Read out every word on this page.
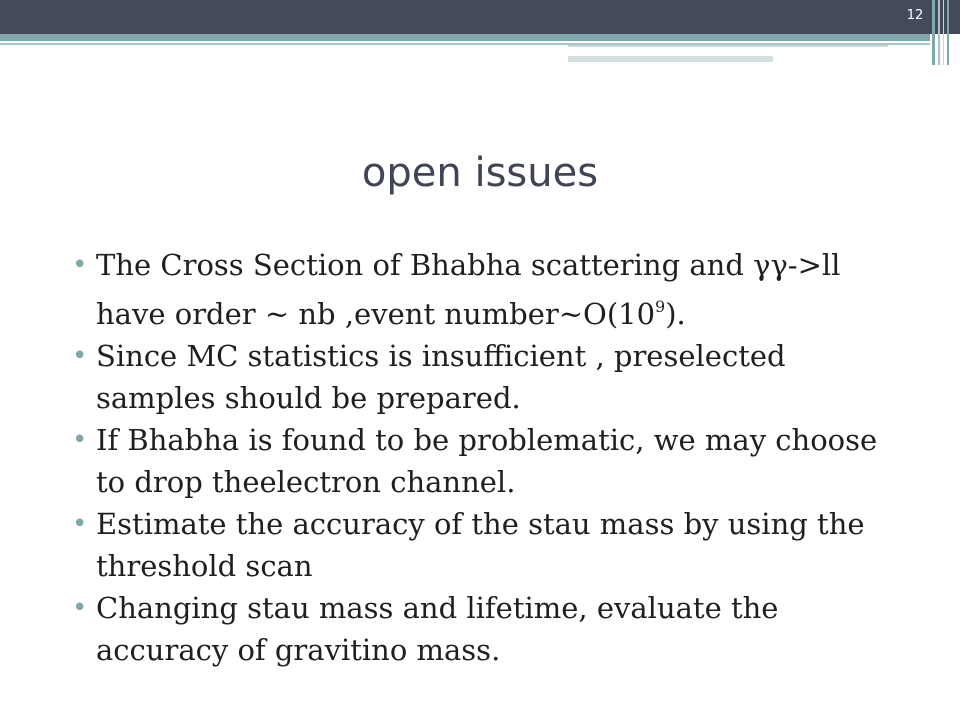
12
open issues
• The Cross Section of Bhabha scattering and γγ->ll have order ~ nb ,event $number\sim O(10^9)$.
• Since MC statistics is insufficient , preselected samples should be prepared.
• If Bhabha is found to be problematic, we may choose to drop theelectron channel.
• Estimate the accuracy of the stau mass by using the threshold scan
• Changing stau mass and lifetime, evaluate the accuracy of gravitino mass.
